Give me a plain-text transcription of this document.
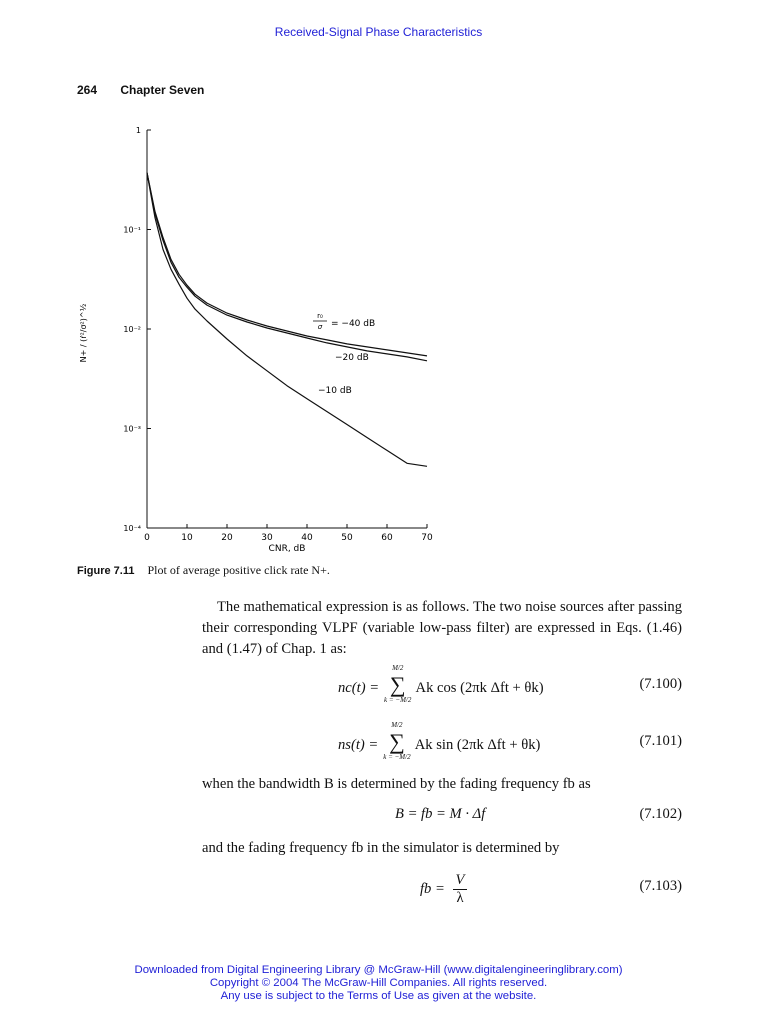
Received-Signal Phase Characteristics
264 Chapter Seven
1
10⁻¹
10⁻²
10⁻³
10⁻⁴
0	10	20	30	40	50	60	70
CNR, dB
N+ / (ṙ²/σ²)^½	r₀
σ = −40 dB
−20 dB
−10 dB
Figure 7.11 Plot of average positive click rate N+.
The mathematical expression is as follows. The two noise sources after passing their corresponding VLPF (variable low-pass filter) are expressed in Eqs. (1.46) and (1.47) of Chap. 1 as:
nc(t) =
M/2
∑
k = −M/2
Ak cos (2πk Δft + θk)	(7.100)
ns(t) =
M/2
∑
k = −M/2
Ak sin (2πk Δft + θk)	(7.101)
when the bandwidth B is determined by the fading frequency fb as
B = fb = M · Δf	(7.102)
and the fading frequency fb in the simulator is determined by
fb = $\frac{V}{\lambda}$	(7.103)
Downloaded from Digital Engineering Library @ McGraw-Hill (www.digitalengineeringlibrary.com)
Copyright © 2004 The McGraw-Hill Companies. All rights reserved.
Any use is subject to the Terms of Use as given at the website.
